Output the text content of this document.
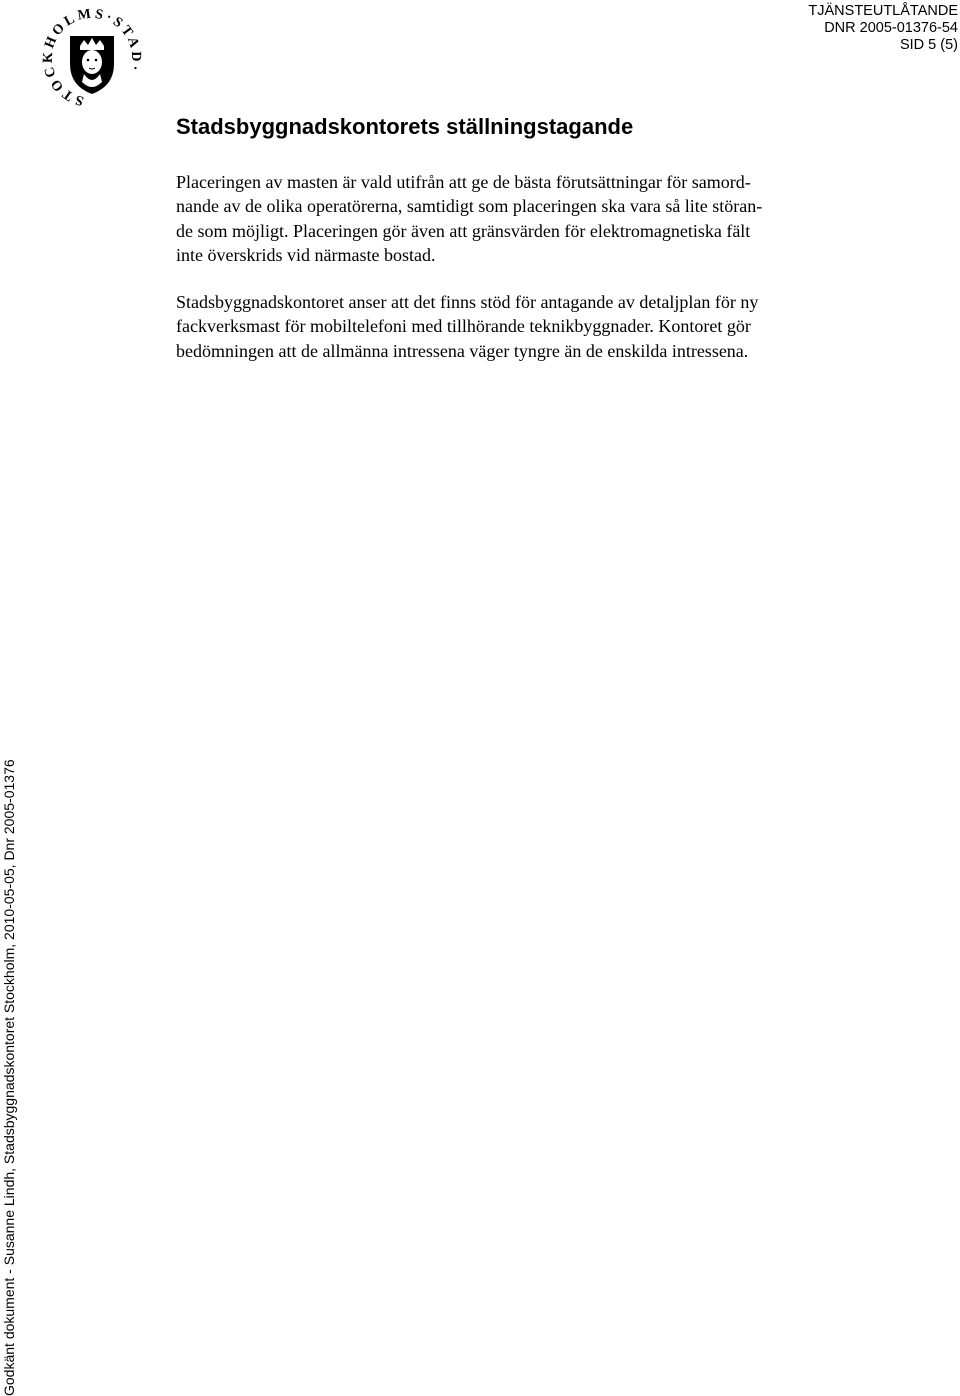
STOCKHOLMS·STAD·
TJÄNSTEUTLÅTANDE
DNR 2005-01376-54
SID 5 (5)
Stadsbyggnadskontorets ställningstagande
Placeringen av masten är vald utifrån att ge de bästa förutsättningar för samord-
nande av de olika operatörerna, samtidigt som placeringen ska vara så lite störan-
de som möjligt. Placeringen gör även att gränsvärden för elektromagnetiska fält
inte överskrids vid närmaste bostad.
Stadsbyggnadskontoret anser att det finns stöd för antagande av detaljplan för ny
fackverksmast för mobiltelefoni med tillhörande teknikbyggnader. Kontoret gör
bedömningen att de allmänna intressena väger tyngre än de enskilda intressena.
Godkänt dokument - Susanne Lindh, Stadsbyggnadskontoret Stockholm, 2010-05-05, Dnr 2005-01376
